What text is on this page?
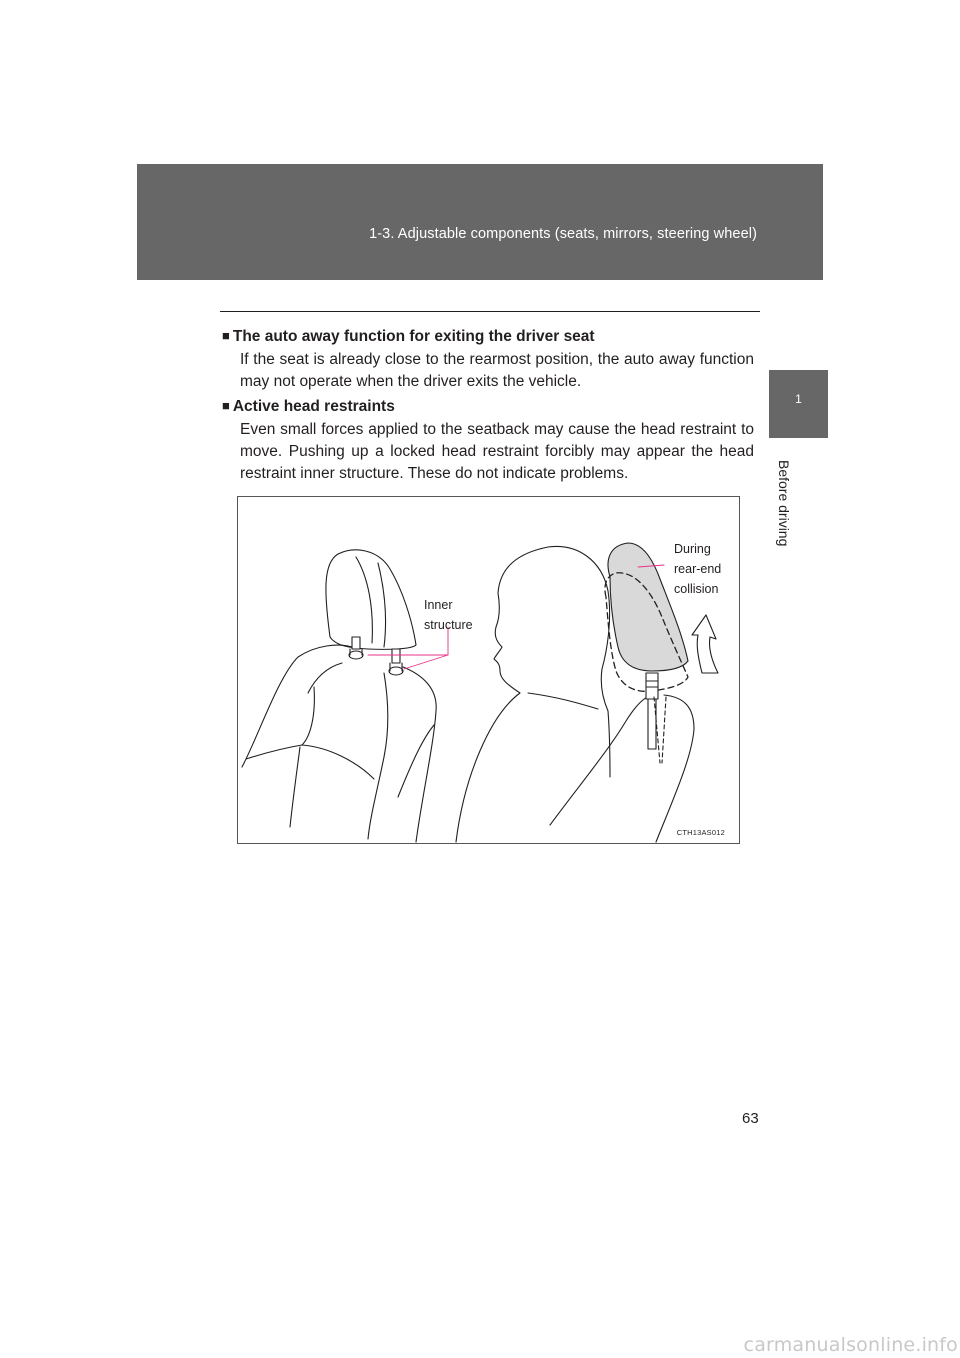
1-3. Adjustable components (seats, mirrors, steering wheel)
1
Before driving

■ The auto away function for exiting the driver seat

If the seat is already close to the rearmost position, the auto away function may not operate when the driver exits the vehicle.

■ Active head restraints

Even small forces applied to the seatback may cause the head restraint to move. Pushing up a locked head restraint forcibly may appear the head restraint inner structure. These do not indicate problems.

Inner
structure
During
rear-end
collision
CTH13AS012
63
carmanualsonline.info
